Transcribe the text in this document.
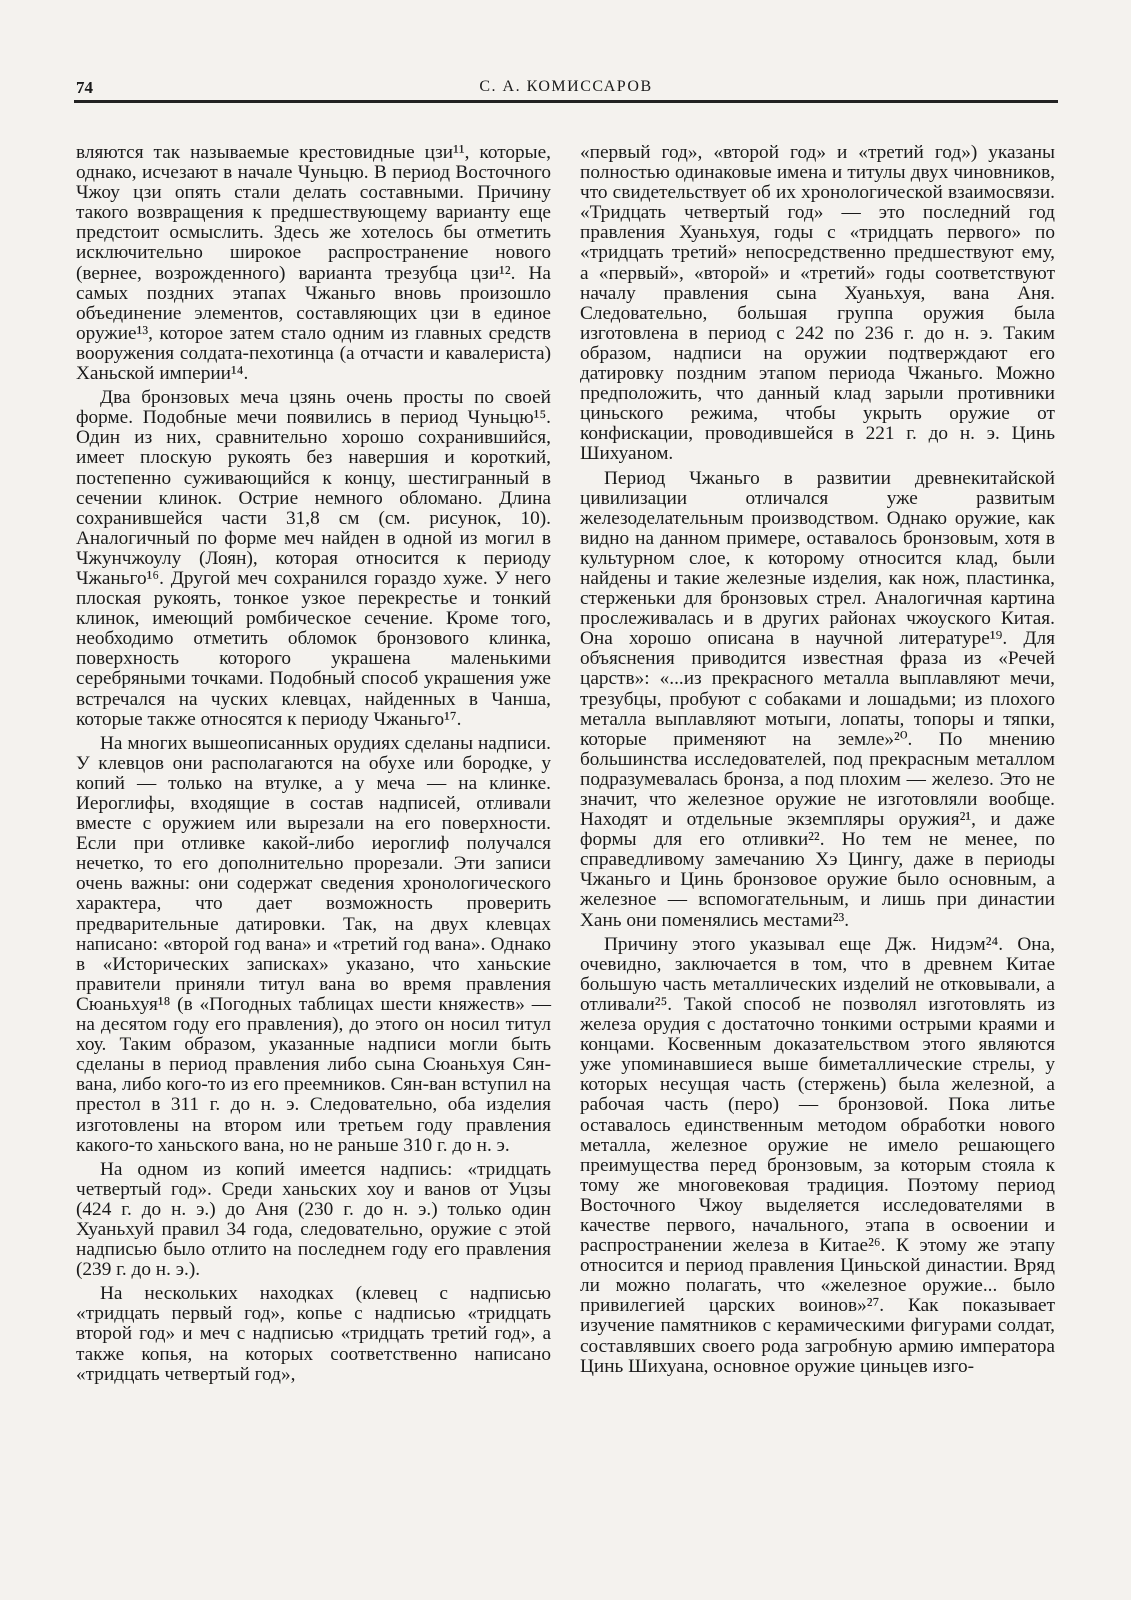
74	С. А. КОМИССАРОВ

вляются так называемые крестовидные цзи¹¹, которые, однако, исчезают в начале Чуньцю. В период Восточного Чжоу цзи опять стали делать составными. Причину такого возвращения к предшествующему варианту еще предстоит осмыслить. Здесь же хотелось бы отметить исключительно широкое распространение нового (вернее, возрожденного) варианта трезубца цзи¹². На самых поздних этапах Чжаньго вновь произошло объединение элементов, составляющих цзи в единое оружие¹³, которое затем стало одним из главных средств вооружения солдата-пехотинца (а отчасти и кавалериста) Ханьской империи¹⁴.

Два бронзовых меча цзянь очень просты по своей форме. Подобные мечи появились в период Чуньцю¹⁵. Один из них, сравнительно хорошо сохранившийся, имеет плоскую рукоять без навершия и короткий, постепенно суживающийся к концу, шестигранный в сечении клинок. Острие немного обломано. Длина сохранившейся части 31,8 см (см. рисунок, 10). Аналогичный по форме меч найден в одной из могил в Чжунчжоулу (Лоян), которая относится к периоду Чжаньго¹⁶. Другой меч сохранился гораздо хуже. У него плоская рукоять, тонкое узкое перекрестье и тонкий клинок, имеющий ромбическое сечение. Кроме того, необходимо отметить обломок бронзового клинка, поверхность которого украшена маленькими серебряными точками. Подобный способ украшения уже встречался на чуских клевцах, найденных в Чанша, которые также относятся к периоду Чжаньго¹⁷.

На многих вышеописанных орудиях сделаны надписи. У клевцов они располагаются на обухе или бородке, у копий — только на втулке, а у меча — на клинке. Иероглифы, входящие в состав надписей, отливали вместе с оружием или вырезали на его поверхности. Если при отливке какой-либо иероглиф получался нечетко, то его дополнительно прорезали. Эти записи очень важны: они содержат сведения хронологического характера, что дает возможность проверить предварительные датировки. Так, на двух клевцах написано: «второй год вана» и «третий год вана». Однако в «Исторических записках» указано, что ханьские правители приняли титул вана во время правления Сюаньхуя¹⁸ (в «Погодных таблицах шести княжеств» — на десятом году его правления), до этого он носил титул хоу. Таким образом, указанные надписи могли быть сделаны в период правления либо сына Сюаньхуя Сян-вана, либо кого-то из его преемников. Сян-ван вступил на престол в 311 г. до н. э. Следовательно, оба изделия изготовлены на втором или третьем году правления какого-то ханьского вана, но не раньше 310 г. до н. э.

На одном из копий имеется надпись: «тридцать четвертый год». Среди ханьских хоу и ванов от Уцзы (424 г. до н. э.) до Аня (230 г. до н. э.) только один Хуаньхуй правил 34 года, следовательно, оружие с этой надписью было отлито на последнем году его правления (239 г. до н. э.).

На нескольких находках (клевец с надписью «тридцать первый год», копье с надписью «тридцать второй год» и меч с надписью «тридцать третий год», а также копья, на которых соответственно написано «тридцать четвертый год»,

«первый год», «второй год» и «третий год») указаны полностью одинаковые имена и титулы двух чиновников, что свидетельствует об их хронологической взаимосвязи. «Тридцать четвертый год» — это последний год правления Хуаньхуя, годы с «тридцать первого» по «тридцать третий» непосредственно предшествуют ему, а «первый», «второй» и «третий» годы соответствуют началу правления сына Хуаньхуя, вана Аня. Следовательно, большая группа оружия была изготовлена в период с 242 по 236 г. до н. э. Таким образом, надписи на оружии подтверждают его датировку поздним этапом периода Чжаньго. Можно предположить, что данный клад зарыли противники циньского режима, чтобы укрыть оружие от конфискации, проводившейся в 221 г. до н. э. Цинь Шихуаном.

Период Чжаньго в развитии древнекитайской цивилизации отличался уже развитым железоделательным производством. Однако оружие, как видно на данном примере, оставалось бронзовым, хотя в культурном слое, к которому относится клад, были найдены и такие железные изделия, как нож, пластинка, стерженьки для бронзовых стрел. Аналогичная картина прослеживалась и в других районах чжоуского Китая. Она хорошо описана в научной литературе¹⁹. Для объяснения приводится известная фраза из «Речей царств»: «...из прекрасного металла выплавляют мечи, трезубцы, пробуют с собаками и лошадьми; из плохого металла выплавляют мотыги, лопаты, топоры и тяпки, которые применяют на земле»²⁰. По мнению большинства исследователей, под прекрасным металлом подразумевалась бронза, а под плохим — железо. Это не значит, что железное оружие не изготовляли вообще. Находят и отдельные экземпляры оружия²¹, и даже формы для его отливки²². Но тем не менее, по справедливому замечанию Хэ Цингу, даже в периоды Чжаньго и Цинь бронзовое оружие было основным, а железное — вспомогательным, и лишь при династии Хань они поменялись местами²³.

Причину этого указывал еще Дж. Нидэм²⁴. Она, очевидно, заключается в том, что в древнем Китае большую часть металлических изделий не отковывали, а отливали²⁵. Такой способ не позволял изготовлять из железа орудия с достаточно тонкими острыми краями и концами. Косвенным доказательством этого являются уже упоминавшиеся выше биметаллические стрелы, у которых несущая часть (стержень) была железной, а рабочая часть (перо) — бронзовой. Пока литье оставалось единственным методом обработки нового металла, железное оружие не имело решающего преимущества перед бронзовым, за которым стояла к тому же многовековая традиция. Поэтому период Восточного Чжоу выделяется исследователями в качестве первого, начального, этапа в освоении и распространении железа в Китае²⁶. К этому же этапу относится и период правления Циньской династии. Вряд ли можно полагать, что «железное оружие... было привилегией царских воинов»²⁷. Как показывает изучение памятников с керамическими фигурами солдат, составлявших своего рода загробную армию императора Цинь Шихуана, основное оружие циньцев изго-
